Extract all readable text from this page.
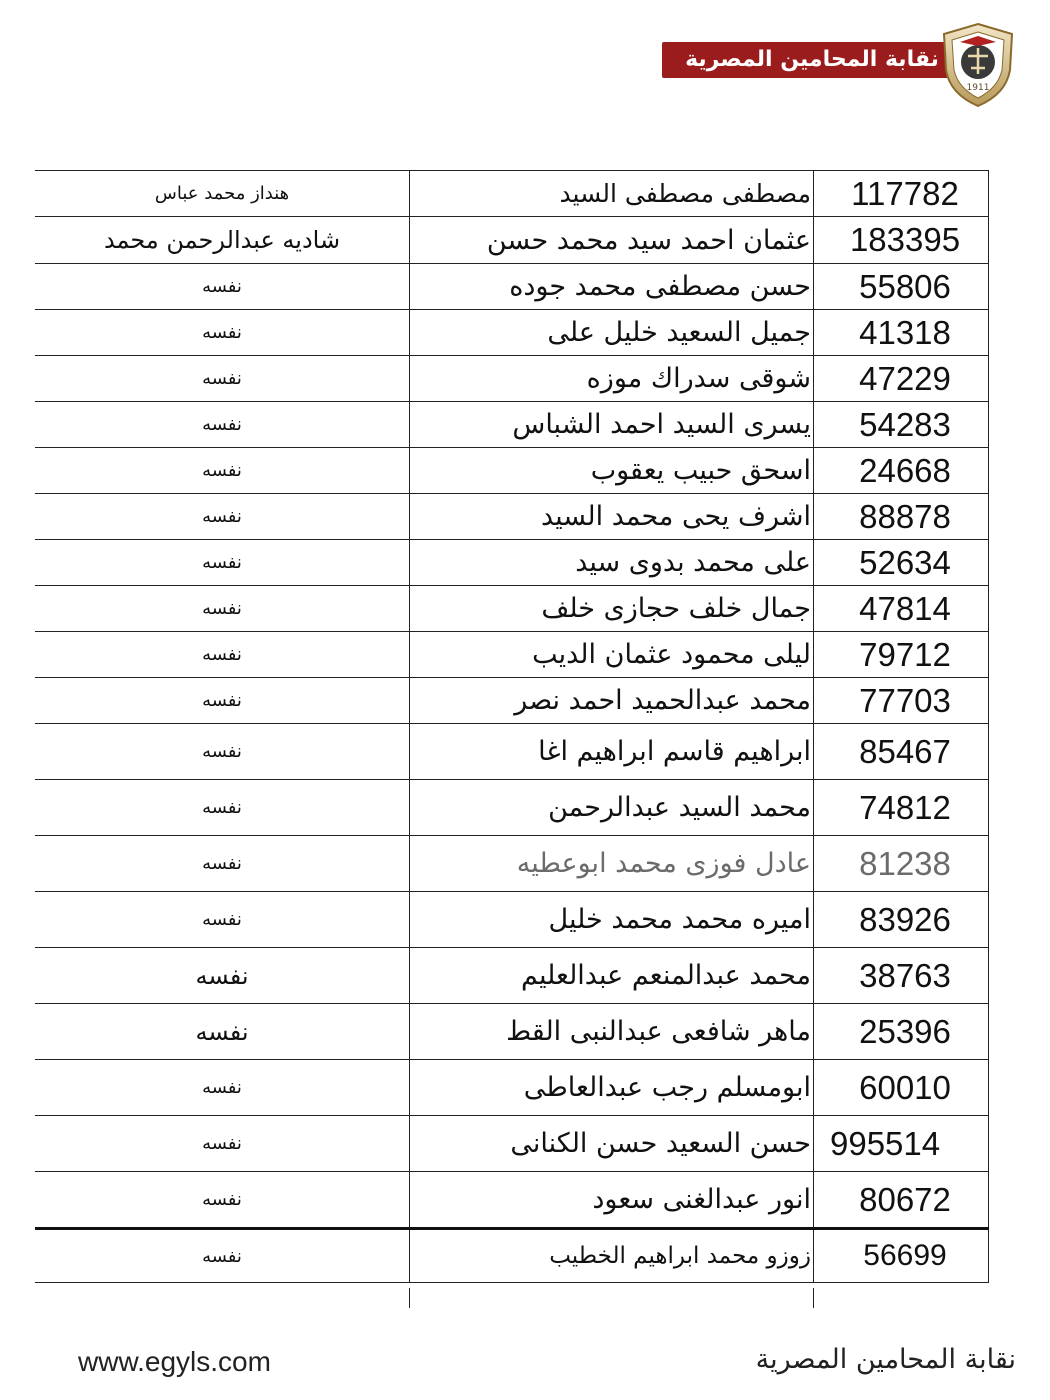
نقابة المحامين المصرية
1911
117782
مصطفى مصطفى السيد
هنداز محمد عباس
183395
عثمان احمد سيد محمد حسن
شاديه عبدالرحمن محمد
55806
حسن مصطفى محمد جوده
نفسه
41318
جميل السعيد خليل على
نفسه
47229
شوقى سدراك موزه
نفسه
54283
يسرى السيد احمد الشباس
نفسه
24668
اسحق حبيب يعقوب
نفسه
88878
اشرف يحى محمد السيد
نفسه
52634
على محمد بدوى سيد
نفسه
47814
جمال خلف حجازى خلف
نفسه
79712
ليلى محمود عثمان الديب
نفسه
77703
محمد عبدالحميد احمد نصر
نفسه
85467
ابراهيم قاسم ابراهيم اغا
نفسه
74812
محمد السيد عبدالرحمن
نفسه
81238
عادل فوزى محمد ابوعطيه
نفسه
83926
اميره محمد محمد خليل
نفسه
38763
محمد عبدالمنعم عبدالعليم
نفسه
25396
ماهر شافعى عبدالنبى القط
نفسه
60010
ابومسلم رجب عبدالعاطى
نفسه
995514
حسن السعيد حسن الكنانى
نفسه
80672
انور عبدالغنى سعود
نفسه
56699
زوزو محمد ابراهيم الخطيب
نفسه
www.egyls.com	نقابة المحامين المصرية
